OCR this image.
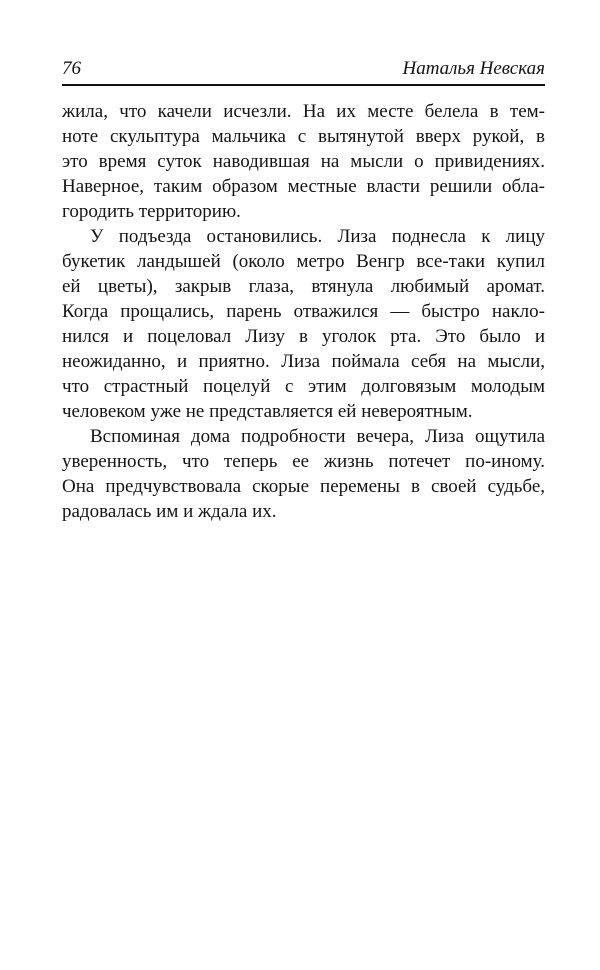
76	Наталья Невская
жила, что качели исчезли. На их месте белела в тем-
ноте скульптура мальчика с вытянутой вверх рукой, в
это время суток наводившая на мысли о привидениях.
Наверное, таким образом местные власти решили обла-
городить территорию.
У подъезда остановились. Лиза поднесла к лицу
букетик ландышей (около метро Венгр все-таки купил
ей цветы), закрыв глаза, втянула любимый аромат.
Когда прощались, парень отважился — быстро накло-
нился и поцеловал Лизу в уголок рта. Это было и
неожиданно, и приятно. Лиза поймала себя на мысли,
что страстный поцелуй с этим долговязым молодым
человеком уже не представляется ей невероятным.
Вспоминая дома подробности вечера, Лиза ощутила
уверенность, что теперь ее жизнь потечет по-иному.
Она предчувствовала скорые перемены в своей судьбе,
радовалась им и ждала их.
